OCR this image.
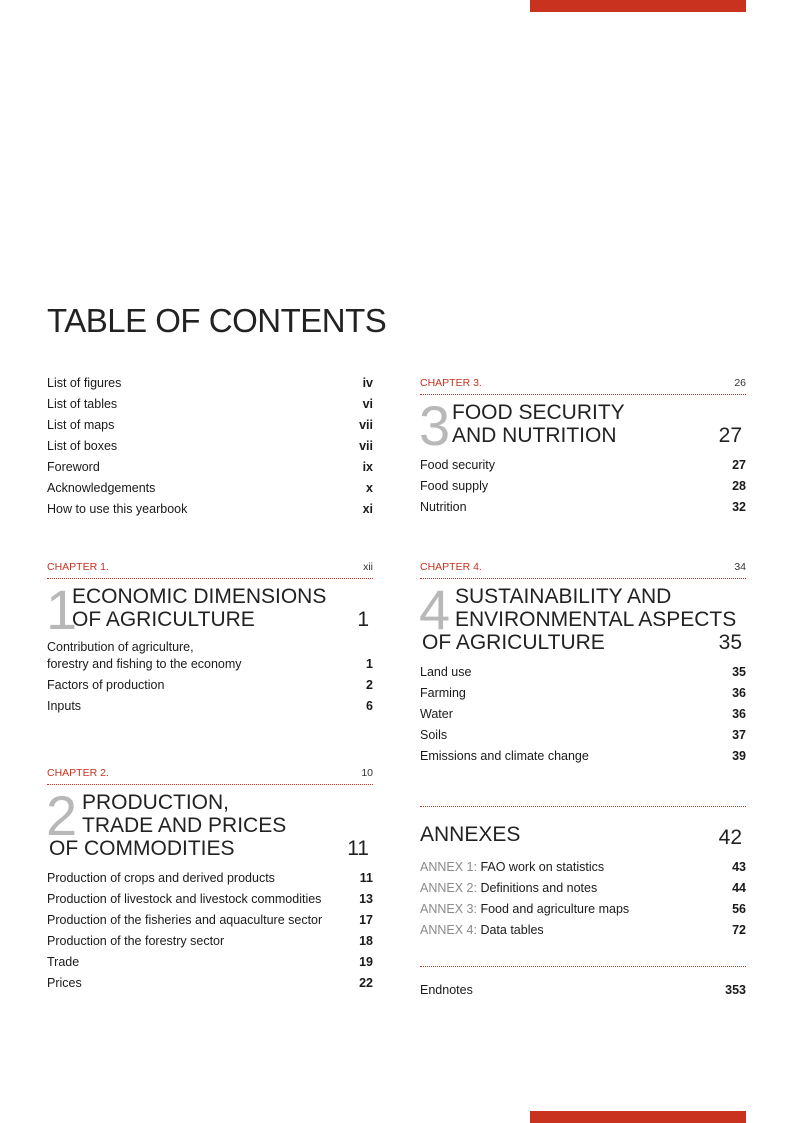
TABLE OF CONTENTS
List of figures	iv
List of tables	vi
List of maps	vii
List of boxes	vii
Foreword	ix
Acknowledgements	x
How to use this yearbook	xi
CHAPTER 1.	xii
1
ECONOMIC DIMENSIONS
OF AGRICULTURE	1
Contribution of agriculture,
forestry and fishing to the economy	1
Factors of production	2
Inputs	6
CHAPTER 2.	10
2 PRODUCTION,
TRADE AND PRICES
OF COMMODITIES	11
Production of crops and derived products	11
Production of livestock and livestock commodities	13
Production of the fisheries and aquaculture sector	17
Production of the forestry sector	18
Trade	19
Prices	22
CHAPTER 3.	26
3 FOOD SECURITY
AND NUTRITION	27
Food security	27
Food supply	28
Nutrition	32
CHAPTER 4.	34
4 SUSTAINABILITY AND
ENVIRONMENTAL ASPECTS
OF AGRICULTURE	35
Land use	35
Farming	36
Water	36
Soils	37
Emissions and climate change	39
ANNEXES	42
ANNEX 1: FAO work on statistics	43
ANNEX 2: Definitions and notes	44
ANNEX 3: Food and agriculture maps	56
ANNEX 4: Data tables	72
Endnotes	353
